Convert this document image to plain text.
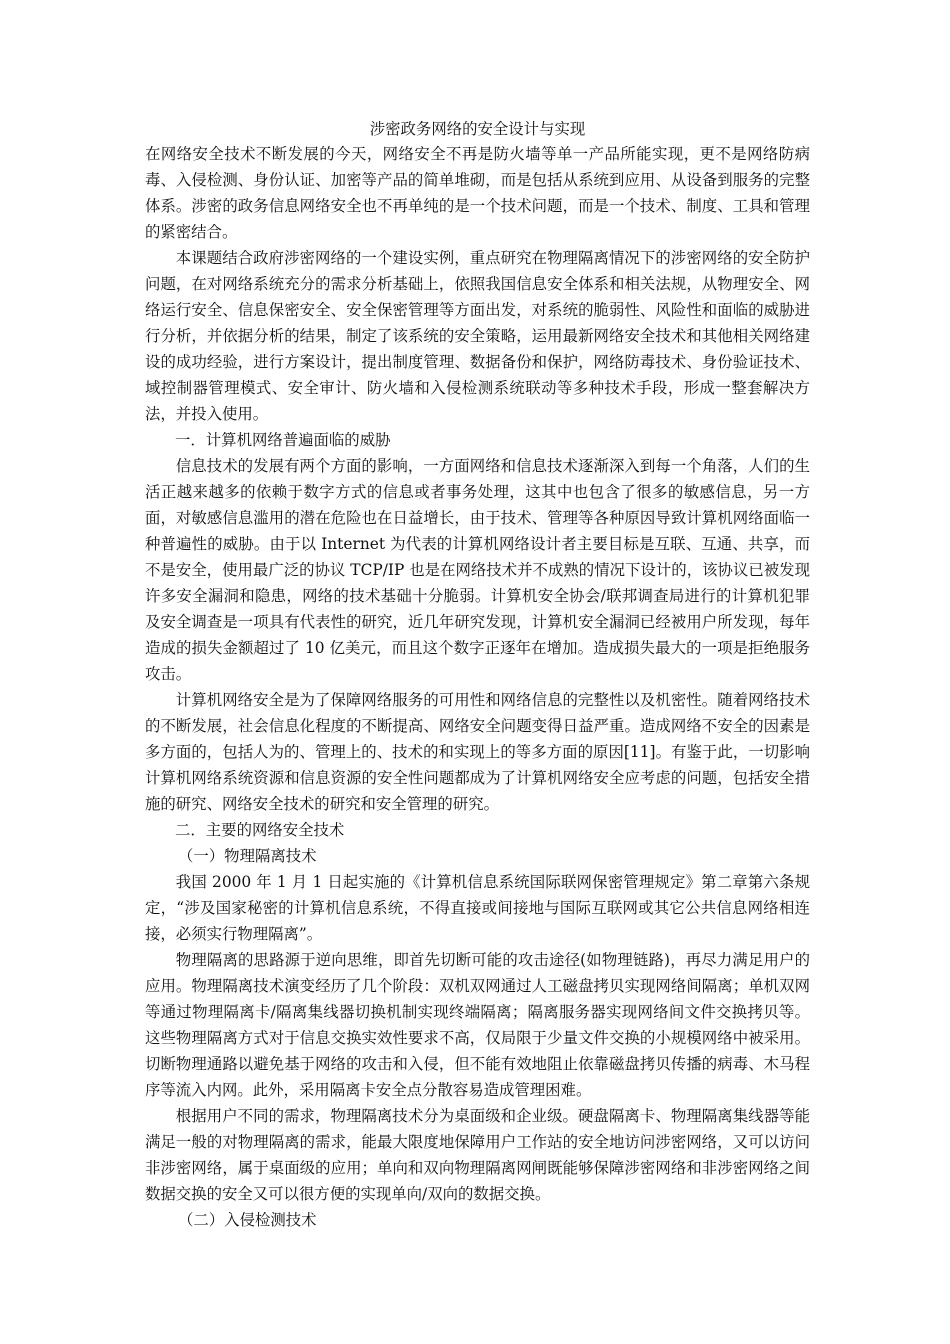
涉密政务网络的安全设计与实现

在网络安全技术不断发展的今天，网络安全不再是防火墙等单一产品所能实现，更不是网络防病毒、入侵检测、身份认证、加密等产品的简单堆砌，而是包括从系统到应用、从设备到服务的完整体系。涉密的政务信息网络安全也不再单纯的是一个技术问题，而是一个技术、制度、工具和管理的紧密结合。

本课题结合政府涉密网络的一个建设实例，重点研究在物理隔离情况下的涉密网络的安全防护问题，在对网络系统充分的需求分析基础上，依照我国信息安全体系和相关法规，从物理安全、网络运行安全、信息保密安全、安全保密管理等方面出发，对系统的脆弱性、风险性和面临的威胁进行分析，并依据分析的结果，制定了该系统的安全策略，运用最新网络安全技术和其他相关网络建设的成功经验，进行方案设计，提出制度管理、数据备份和保护，网络防毒技术、身份验证技术、域控制器管理模式、安全审计、防火墙和入侵检测系统联动等多种技术手段，形成一整套解决方法，并投入使用。

一．计算机网络普遍面临的威胁

信息技术的发展有两个方面的影响，一方面网络和信息技术逐渐深入到每一个角落，人们的生活正越来越多的依赖于数字方式的信息或者事务处理，这其中也包含了很多的敏感信息，另一方面，对敏感信息滥用的潜在危险也在日益增长，由于技术、管理等各种原因导致计算机网络面临一种普遍性的威胁。由于以 Internet 为代表的计算机网络设计者主要目标是互联、互通、共享，而不是安全，使用最广泛的协议 TCP/IP 也是在网络技术并不成熟的情况下设计的，该协议已被发现许多安全漏洞和隐患，网络的技术基础十分脆弱。计算机安全协会/联邦调查局进行的计算机犯罪及安全调查是一项具有代表性的研究，近几年研究发现，计算机安全漏洞已经被用户所发现，每年造成的损失金额超过了 10 亿美元，而且这个数字正逐年在增加。造成损失最大的一项是拒绝服务攻击。

计算机网络安全是为了保障网络服务的可用性和网络信息的完整性以及机密性。随着网络技术的不断发展，社会信息化程度的不断提高、网络安全问题变得日益严重。造成网络不安全的因素是多方面的，包括人为的、管理上的、技术的和实现上的等多方面的原因[11]。有鉴于此，一切影响计算机网络系统资源和信息资源的安全性问题都成为了计算机网络安全应考虑的问题，包括安全措施的研究、网络安全技术的研究和安全管理的研究。

二．主要的网络安全技术
（一）物理隔离技术

我国 2000 年 1 月 1 日起实施的《计算机信息系统国际联网保密管理规定》第二章第六条规定，“涉及国家秘密的计算机信息系统，不得直接或间接地与国际互联网或其它公共信息网络相连接，必须实行物理隔离”。

物理隔离的思路源于逆向思维，即首先切断可能的攻击途径(如物理链路)，再尽力满足用户的应用。物理隔离技术演变经历了几个阶段：双机双网通过人工磁盘拷贝实现网络间隔离；单机双网等通过物理隔离卡/隔离集线器切换机制实现终端隔离；隔离服务器实现网络间文件交换拷贝等。这些物理隔离方式对于信息交换实效性要求不高，仅局限于少量文件交换的小规模网络中被采用。切断物理通路以避免基于网络的攻击和入侵，但不能有效地阻止依靠磁盘拷贝传播的病毒、木马程序等流入内网。此外，采用隔离卡安全点分散容易造成管理困难。

根据用户不同的需求，物理隔离技术分为桌面级和企业级。硬盘隔离卡、物理隔离集线器等能满足一般的对物理隔离的需求，能最大限度地保障用户工作站的安全地访问涉密网络，又可以访问非涉密网络，属于桌面级的应用；单向和双向物理隔离网闸既能够保障涉密网络和非涉密网络之间数据交换的安全又可以很方便的实现单向/双向的数据交换。

（二）入侵检测技术
